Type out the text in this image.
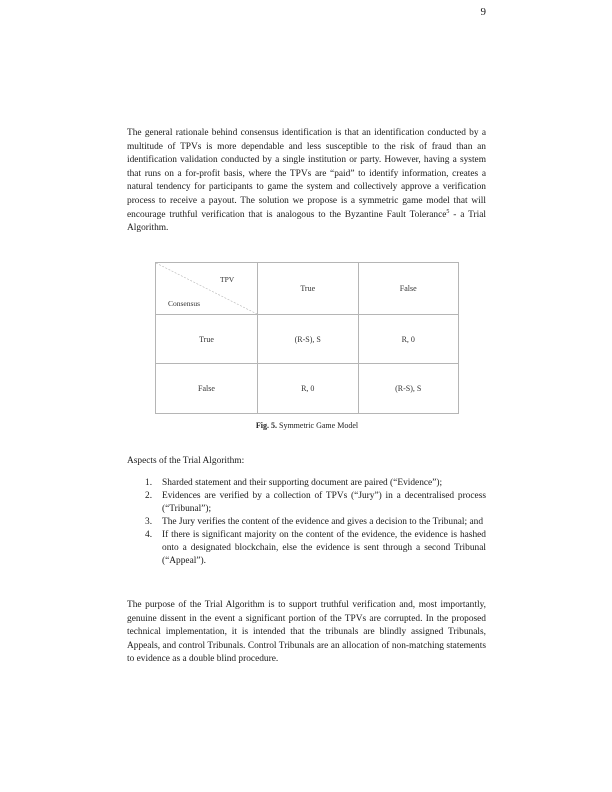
9

The general rationale behind consensus identification is that an identification conducted by a multitude of TPVs is more dependable and less susceptible to the risk of fraud than an identification validation conducted by a single institution or party. However, having a system that runs on a for-profit basis, where the TPVs are “paid” to identify information, creates a natural tendency for participants to game the system and collectively approve a verification process to receive a payout. The solution we propose is a symmetric game model that will encourage truthful verification that is analogous to the Byzantine Fault Tolerance$^5$ - a Trial Algorithm.

TPV
Consensus	True	False
True	(R-S), S	R, 0
False	R, 0	(R-S), S
Fig. 5. Symmetric Game Model

Aspects of the Trial Algorithm:

1. Sharded statement and their supporting document are paired (“Evidence”);
2. Evidences are verified by a collection of TPVs (“Jury”) in a decentralised process (“Tribunal”);
3. The Jury verifies the content of the evidence and gives a decision to the Tribunal; and
4. If there is significant majority on the content of the evidence, the evidence is hashed onto a designated blockchain, else the evidence is sent through a second Tribunal (“Appeal”).

The purpose of the Trial Algorithm is to support truthful verification and, most importantly, genuine dissent in the event a significant portion of the TPVs are corrupted. In the proposed technical implementation, it is intended that the tribunals are blindly assigned Tribunals, Appeals, and control Tribunals. Control Tribunals are an allocation of non-matching statements to evidence as a double blind procedure.
